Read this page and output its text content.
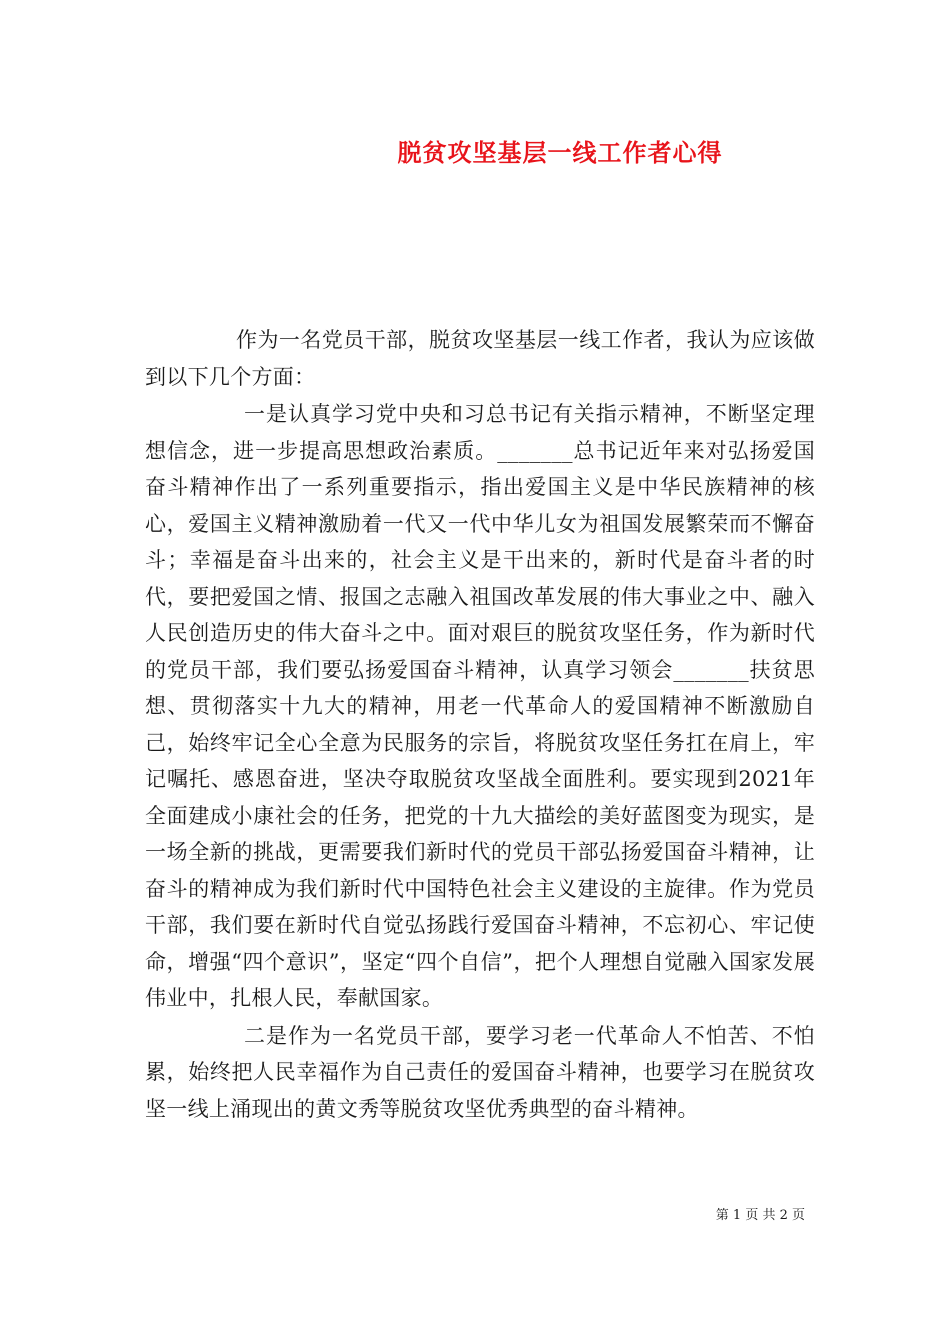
脱贫攻坚基层一线工作者心得

作为一名党员干部，脱贫攻坚基层一线工作者，我认为应该做到以下几个方面：

一是认真学习党中央和习总书记有关指示精神，不断坚定理想信念，进一步提高思想政治素质。_______总书记近年来对弘扬爱国奋斗精神作出了一系列重要指示，指出爱国主义是中华民族精神的核心，爱国主义精神激励着一代又一代中华儿女为祖国发展繁荣而不懈奋斗；幸福是奋斗出来的，社会主义是干出来的，新时代是奋斗者的时代，要把爱国之情、报国之志融入祖国改革发展的伟大事业之中、融入人民创造历史的伟大奋斗之中。面对艰巨的脱贫攻坚任务，作为新时代的党员干部，我们要弘扬爱国奋斗精神，认真学习领会_______扶贫思想、贯彻落实十九大的精神，用老一代革命人的爱国精神不断激励自己，始终牢记全心全意为民服务的宗旨，将脱贫攻坚任务扛在肩上，牢记嘱托、感恩奋进，坚决夺取脱贫攻坚战全面胜利。要实现到2021年全面建成小康社会的任务，把党的十九大描绘的美好蓝图变为现实，是一场全新的挑战，更需要我们新时代的党员干部弘扬爱国奋斗精神，让奋斗的精神成为我们新时代中国特色社会主义建设的主旋律。作为党员干部，我们要在新时代自觉弘扬践行爱国奋斗精神，不忘初心、牢记使命，增强“四个意识”，坚定“四个自信”，把个人理想自觉融入国家发展伟业中，扎根人民，奉献国家。

二是作为一名党员干部，要学习老一代革命人不怕苦、不怕累，始终把人民幸福作为自己责任的爱国奋斗精神，也要学习在脱贫攻坚一线上涌现出的黄文秀等脱贫攻坚优秀典型的奋斗精神。

第 1 页 共 2 页
